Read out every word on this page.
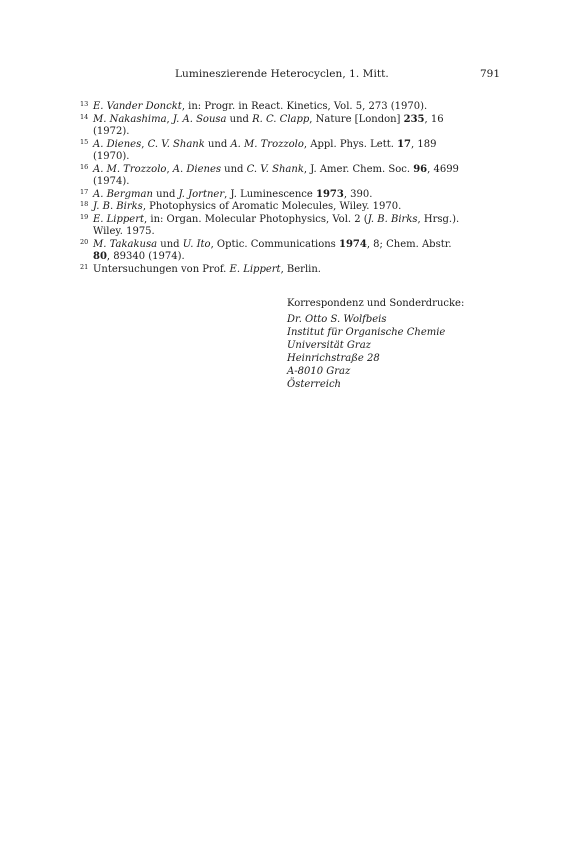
Lumineszierende Heterocyclen, 1. Mitt.	791
13 E. Vander Donckt, in: Progr. in React. Kinetics, Vol. 5, 273 (1970).
14 M. Nakashima, J. A. Sousa und R. C. Clapp, Nature [London] 235, 16
(1972).
15 A. Dienes, C. V. Shank und A. M. Trozzolo, Appl. Phys. Lett. 17, 189
(1970).
16 A. M. Trozzolo, A. Dienes und C. V. Shank, J. Amer. Chem. Soc. 96, 4699
(1974).
17 A. Bergman und J. Jortner, J. Luminescence 1973, 390.
18 J. B. Birks, Photophysics of Aromatic Molecules, Wiley. 1970.
19 E. Lippert, in: Organ. Molecular Photophysics, Vol. 2 (J. B. Birks, Hrsg.).
Wiley. 1975.
20 M. Takakusa und U. Ito, Optic. Communications 1974, 8; Chem. Abstr.
80, 89340 (1974).
21 Untersuchungen von Prof. E. Lippert, Berlin.
Korrespondenz und Sonderdrucke:
Dr. Otto S. Wolfbeis
Institut für Organische Chemie
Universität Graz
Heinrichstraße 28
A-8010 Graz
Österreich
